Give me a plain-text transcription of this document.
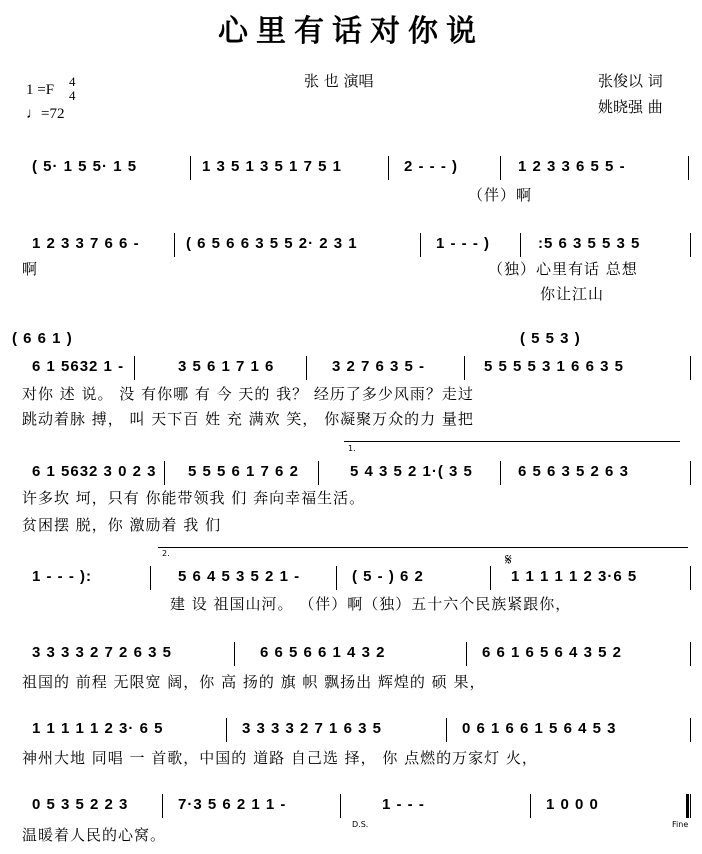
心里有话对你说
1 =F
4
4
♩=72
张 也 演唱	张俊以 词
姚晓强 曲
( 5· 1 5 5· 1 5	1 3 5 1 3 5 1 7 5 1	2 - - - )	1 2 3 3 6 5 5 -
（伴）啊
1 2 3 3 7 6 6 -	( 6 5 6 6 3 5 5 2· 2 3 1	1 - - - )	:5 6 3 5 5 3 5
啊	（独）心里有话 总想
你让江山
6 1 5632 1 -	3 5 6 1 7 1 6	3 2 7 6 3 5 -	5 5 5 5 3 1 6 6 3 5
( 6 6 1 )	( 5 5 3 )
对你 述 说。 没 有你哪 有 今 天的 我？ 经历了多少风雨？走过
跳动着脉 搏， 叫 天下百 姓 充 满欢 笑， 你凝聚万众的力 量把
6 1 5632 3 0 2 3	5 5 5 6 1 7 6 2	5 4 3 5 2 1·( 3 5	6 5 6 3 5 2 6 3
许多坎 坷，只有 你能带领我 们 奔向幸福生活。
贫困摆 脱，你 激励着 我 们
1 - - - ):	5 6 4 5 3 5 2 1 -	( 5 - ) 6 2	1 1 1 1 1 2 3·6 5
建 设 祖国山河。 （伴）啊（独）五十六个民族紧跟你，
3 3 3 3 2 7 2 6 3 5	6 6 5 6 6 1 4 3 2	6 6 1 6 5 6 4 3 5 2
祖国的 前程 无限宽 阔，你 高 扬的 旗 帜 飘扬出 辉煌的 硕 果，
1 1 1 1 1 2 3· 6 5	3 3 3 3 2 7 1 6 3 5	0 6 1 6 6 1 5 6 4 5 3
神州大地 同唱 一 首歌，中国的 道路 自己选 择， 你 点燃的万家灯 火，
0 5 3 5 2 2 3	7·3 5 6 2 1 1 -	1 - - -	1 0 0 0
温暖着人民的心窝。
1.
2.	𝄋
D.S.	Fine
